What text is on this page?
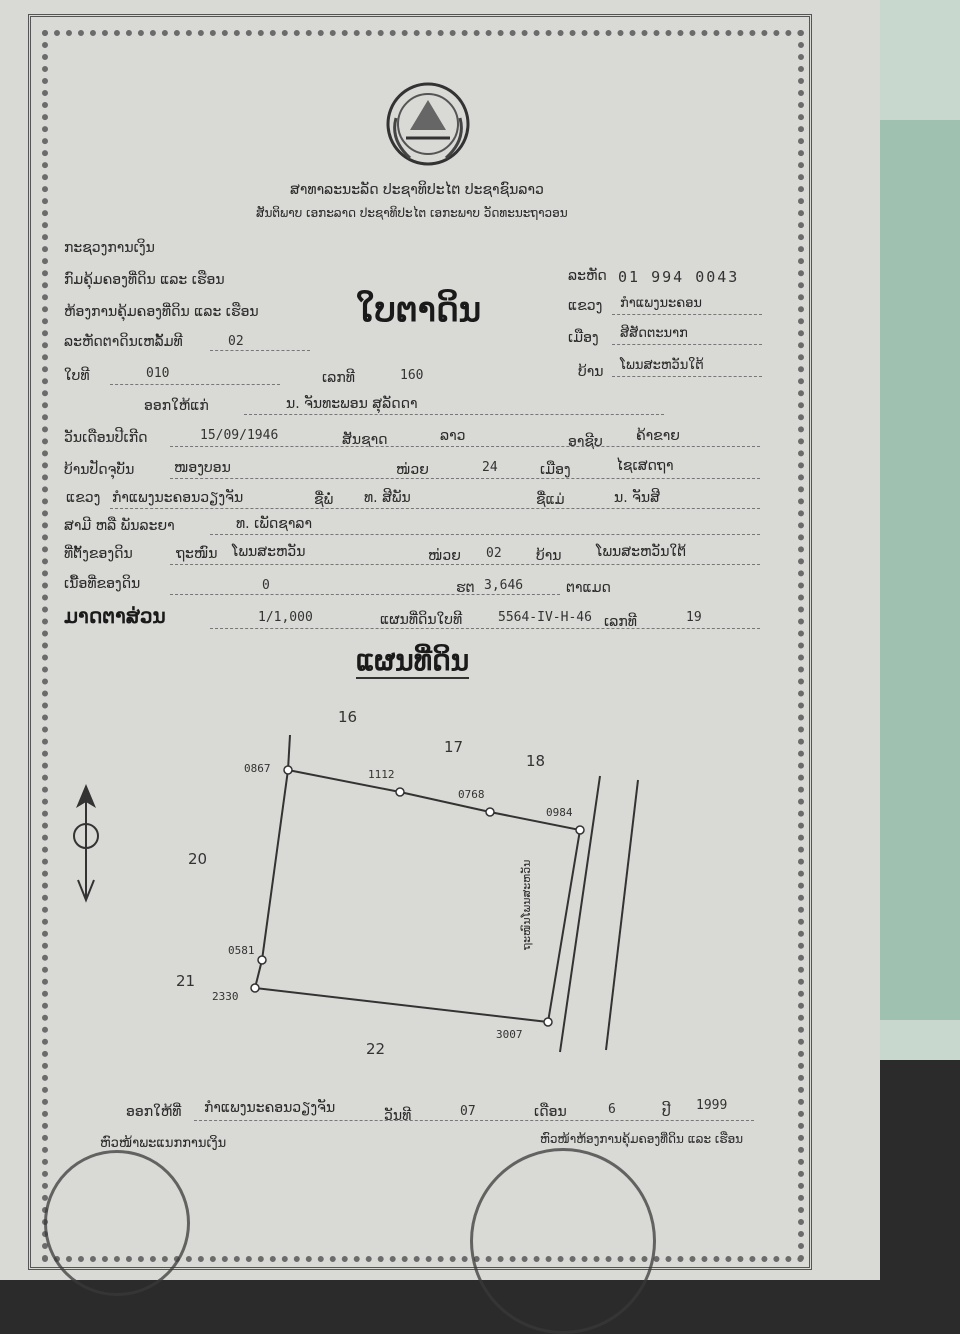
ສາທາລະນະລັດ ປະຊາທິປະໄຕ ປະຊາຊົນລາວ
ສັນຕິພາບ ເອກະລາດ ປະຊາທິປະໄຕ ເອກະພາບ ວັດທະນະຖາວອນ
ກະຊວງການເງິນ
ກົມຄຸ້ມຄອງທີ່ດິນ ແລະ ເຮືອນ
ຫ້ອງການຄຸ້ມຄອງທີ່ດິນ ແລະ ເຮືອນ
ລະຫັດຕາດິນເຫລັ້ມທີ	02
ໃບທີ	010
ໃບຕາດິນ
ລະຫັດ 01 994 0043
ແຂວງ ກຳແພງນະຄອນ
ເມືອງ ສີສັດຕະນາກ
ບ້ານ ໂພນສະຫວັນໃຕ້
ເລກທີ	160
ອອກໃຫ້ແກ່	ນ. ຈັນທະພອນ ສຸລັດດາ
ວັນເດືອນປີເກີດ	15/09/1946	ສັນຊາດ	ລາວ	ອາຊີບ ຄ້າຂາຍ
ບ້ານປັດຈຸບັນ	ໜອງບອນ	ໜ່ວຍ	24	ເມືອງ	ໄຊເສດຖາ
ແຂວງ ກຳແພງນະຄອນວຽງຈັນ	ຊື່ພໍ່ ທ. ສີພັນ	ຊື່ແມ່	ນ. ຈັນສີ
ສາມີ ຫລື ພັນລະຍາ	ທ. ເພັດຊາລາ
ທີ່ຕັ້ງຂອງດິນ	ຖະໜົນ ໂພນສະຫວັນ	ໜ່ວຍ 02 ບ້ານ ໂພນສະຫວັນໃຕ້
ເນື້ອທີ່ຂອງດິນ	0	ຮຕ 3,646	ຕາແມດ
ມາດຕາສ່ວນ	1/1,000	ແຜນທີ່ດິນໃບທີ	5564-IV-H-46 ເລກທີ	19
ແຜນທີ່ດິນ
16
17
18
20
21
22
0867	1112
0768
0984
0581
2330
3007
ຖະໜົນໂພນສະຫວັນ
ອອກໃຫ້ທີ່ ກຳແພງນະຄອນວຽງຈັນ	ວັນທີ	07	ເດືອນ	6	ປີ 1999
ຫົວໜ້າພະແນກການເງິນ	ຫົວໜ້າຫ້ອງການຄຸ້ມຄອງທີ່ດິນ ແລະ ເຮືອນ
